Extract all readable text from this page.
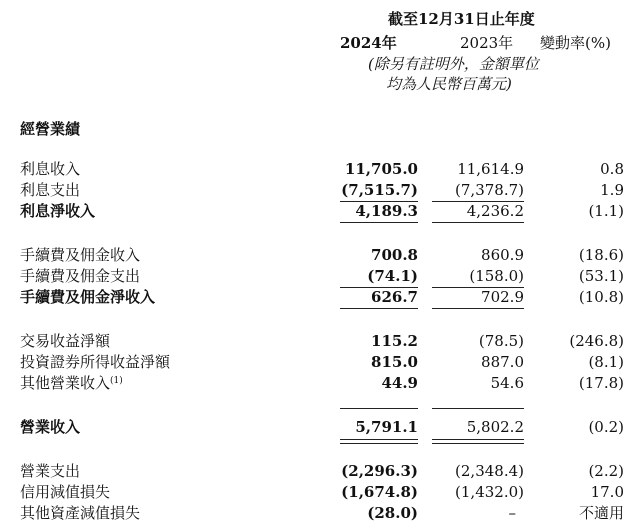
截至12月31日止年度
2024年	2023年 變動率(%)
(除另有註明外，金額單位
均為人民幣百萬元)
經營業績
利息收入	11,705.0	11,614.9	0.8
利息支出	(7,515.7)	(7,378.7)	1.9
利息淨收入	4,189.3	4,236.2	(1.1)
手續費及佣金收入	700.8	860.9	(18.6)
手續費及佣金支出	(74.1)	(158.0)	(53.1)
手續費及佣金淨收入	626.7	702.9	(10.8)
交易收益淨額	115.2	(78.5)	(246.8)
投資證券所得收益淨額	815.0	887.0	(8.1)
其他營業收入$^{(1)}$	44.9	54.6	(17.8)
營業收入	5,791.1	5,802.2	(0.2)
營業支出	(2,296.3)	(2,348.4)	(2.2)
信用減值損失	(1,674.8)	(1,432.0)	17.0
其他資產減值損失	(28.0)	–	不適用
